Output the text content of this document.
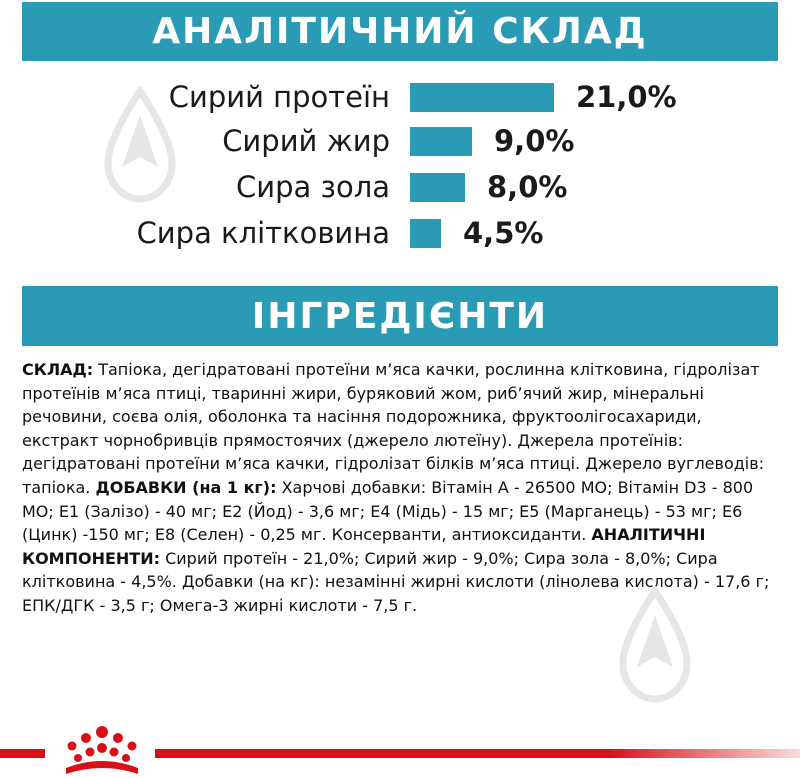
АНАЛІТИЧНИЙ СКЛАД
Сирий протеїн	21,0%
Сирий жир	9,0%
Сира зола	8,0%
Сира клітковина	4,5%
ІНГРЕДІЄНТИ
СКЛАД: Тапіока, дегідратовані протеїни м’яса качки, рослинна клітковина, гідролізат протеїнів м’яса птиці, тваринні жири, буряковий жом, риб’ячий жир, мінеральні речовини, соєва олія, оболонка та насіння подорожника, фруктоолігосахариди, екстракт чорнобривців прямостоячих (джерело лютеїну). Джерела протеїнів: дегідратовані протеїни м’яса качки, гідролізат білків м’яса птиці. Джерело вуглеводів: тапіока. ДОБАВКИ (на 1 кг): Харчові добавки: Вітамін А - 26500 МО; Вітамін D3 - 800 МО; E1 (Залізо) - 40 мг; E2 (Йод) - 3,6 мг; E4 (Мідь) - 15 мг; E5 (Марганець) - 53 мг; E6 (Цинк) -150 мг; E8 (Селен) - 0,25 мг. Консерванти, антиоксиданти. АНАЛІТИЧНІ КОМПОНЕНТИ: Сирий протеїн - 21,0%; Сирий жир - 9,0%; Сира зола - 8,0%; Сира клітковина - 4,5%. Добавки (на кг): незамінні жирні кислоти (лінолева кислота) - 17,6 г; ЕПК/ДГК - 3,5 г; Омега-3 жирні кислоти - 7,5 г.
